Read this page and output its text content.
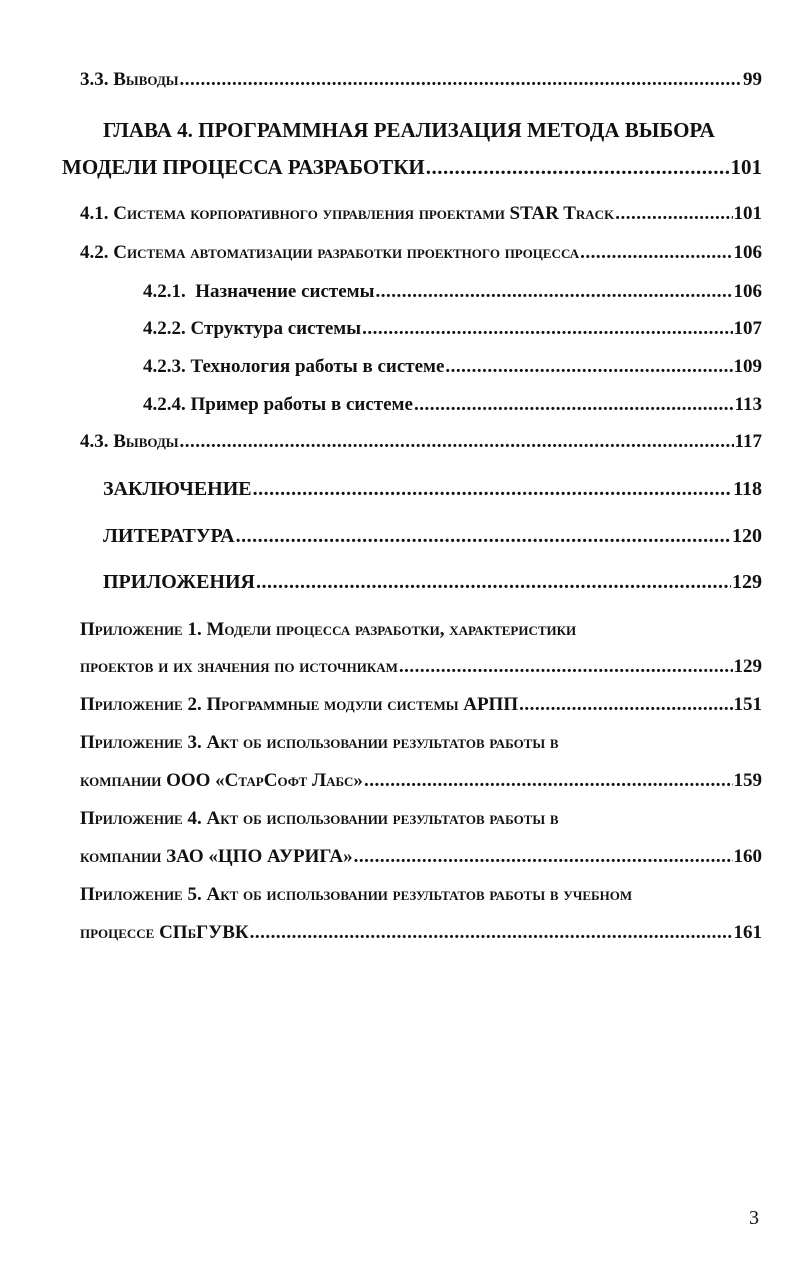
3.3. Выводы .....	99
ГЛАВА 4. ПРОГРАММНАЯ РЕАЛИЗАЦИЯ МЕТОДА ВЫБОРА
МОДЕЛИ ПРОЦЕССА РАЗРАБОТКИ .....	101
4.1. Система корпоративного управления проектами STAR Track .....	101
4.2. Система автоматизации разработки проектного процесса .....	106
4.2.1.  Назначение системы .....	106
4.2.2. Структура системы .....	107
4.2.3. Технология работы в системе .....	109
4.2.4. Пример работы в системе .....	113
4.3. Выводы .....	117
ЗАКЛЮЧЕНИЕ .....	118
ЛИТЕРАТУРА .....	120
ПРИЛОЖЕНИЯ .....	129
Приложение 1. Модели процесса разработки, характеристики
проектов и их значения по источникам .....	129
Приложение 2. Программные модули системы АРПП .....	151
Приложение 3. Акт об использовании результатов работы в
компании ООО «СтарСофт Лабс» .....	159
Приложение 4. Акт об использовании результатов работы в
компании ЗАО «ЦПО АУРИГА» .....	160
Приложение 5. Акт об использовании результатов работы в учебном
процессе СПбГУВК .....	161
3
